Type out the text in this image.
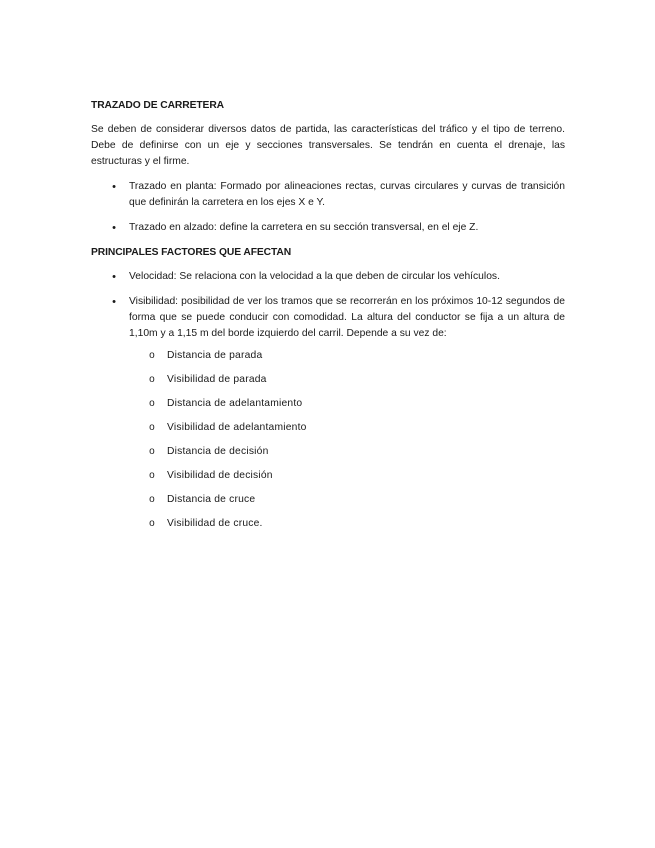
TRAZADO DE CARRETERA

Se deben de considerar diversos datos de partida, las características del tráfico y el tipo de terreno. Debe de definirse con un eje y secciones transversales. Se tendrán en cuenta el drenaje, las estructuras y el firme.

• Trazado en planta: Formado por alineaciones rectas, curvas circulares y curvas de transición que definirán la carretera en los ejes X e Y.
• Trazado en alzado: define la carretera en su sección transversal, en el eje Z.
PRINCIPALES FACTORES QUE AFECTAN
• Velocidad: Se relaciona con la velocidad a la que deben de circular los vehículos.
• Visibilidad: posibilidad de ver los tramos que se recorrerán en los próximos 10-12 segundos de forma que se puede conducir con comodidad. La altura del conductor se fija a un altura de 1,10m y a 1,15 m del borde izquierdo del carril. Depende a su vez de:
o Distancia de parada
o Visibilidad de parada
o Distancia de adelantamiento
o Visibilidad de adelantamiento
o Distancia de decisión
o Visibilidad de decisión
o Distancia de cruce
o Visibilidad de cruce.
